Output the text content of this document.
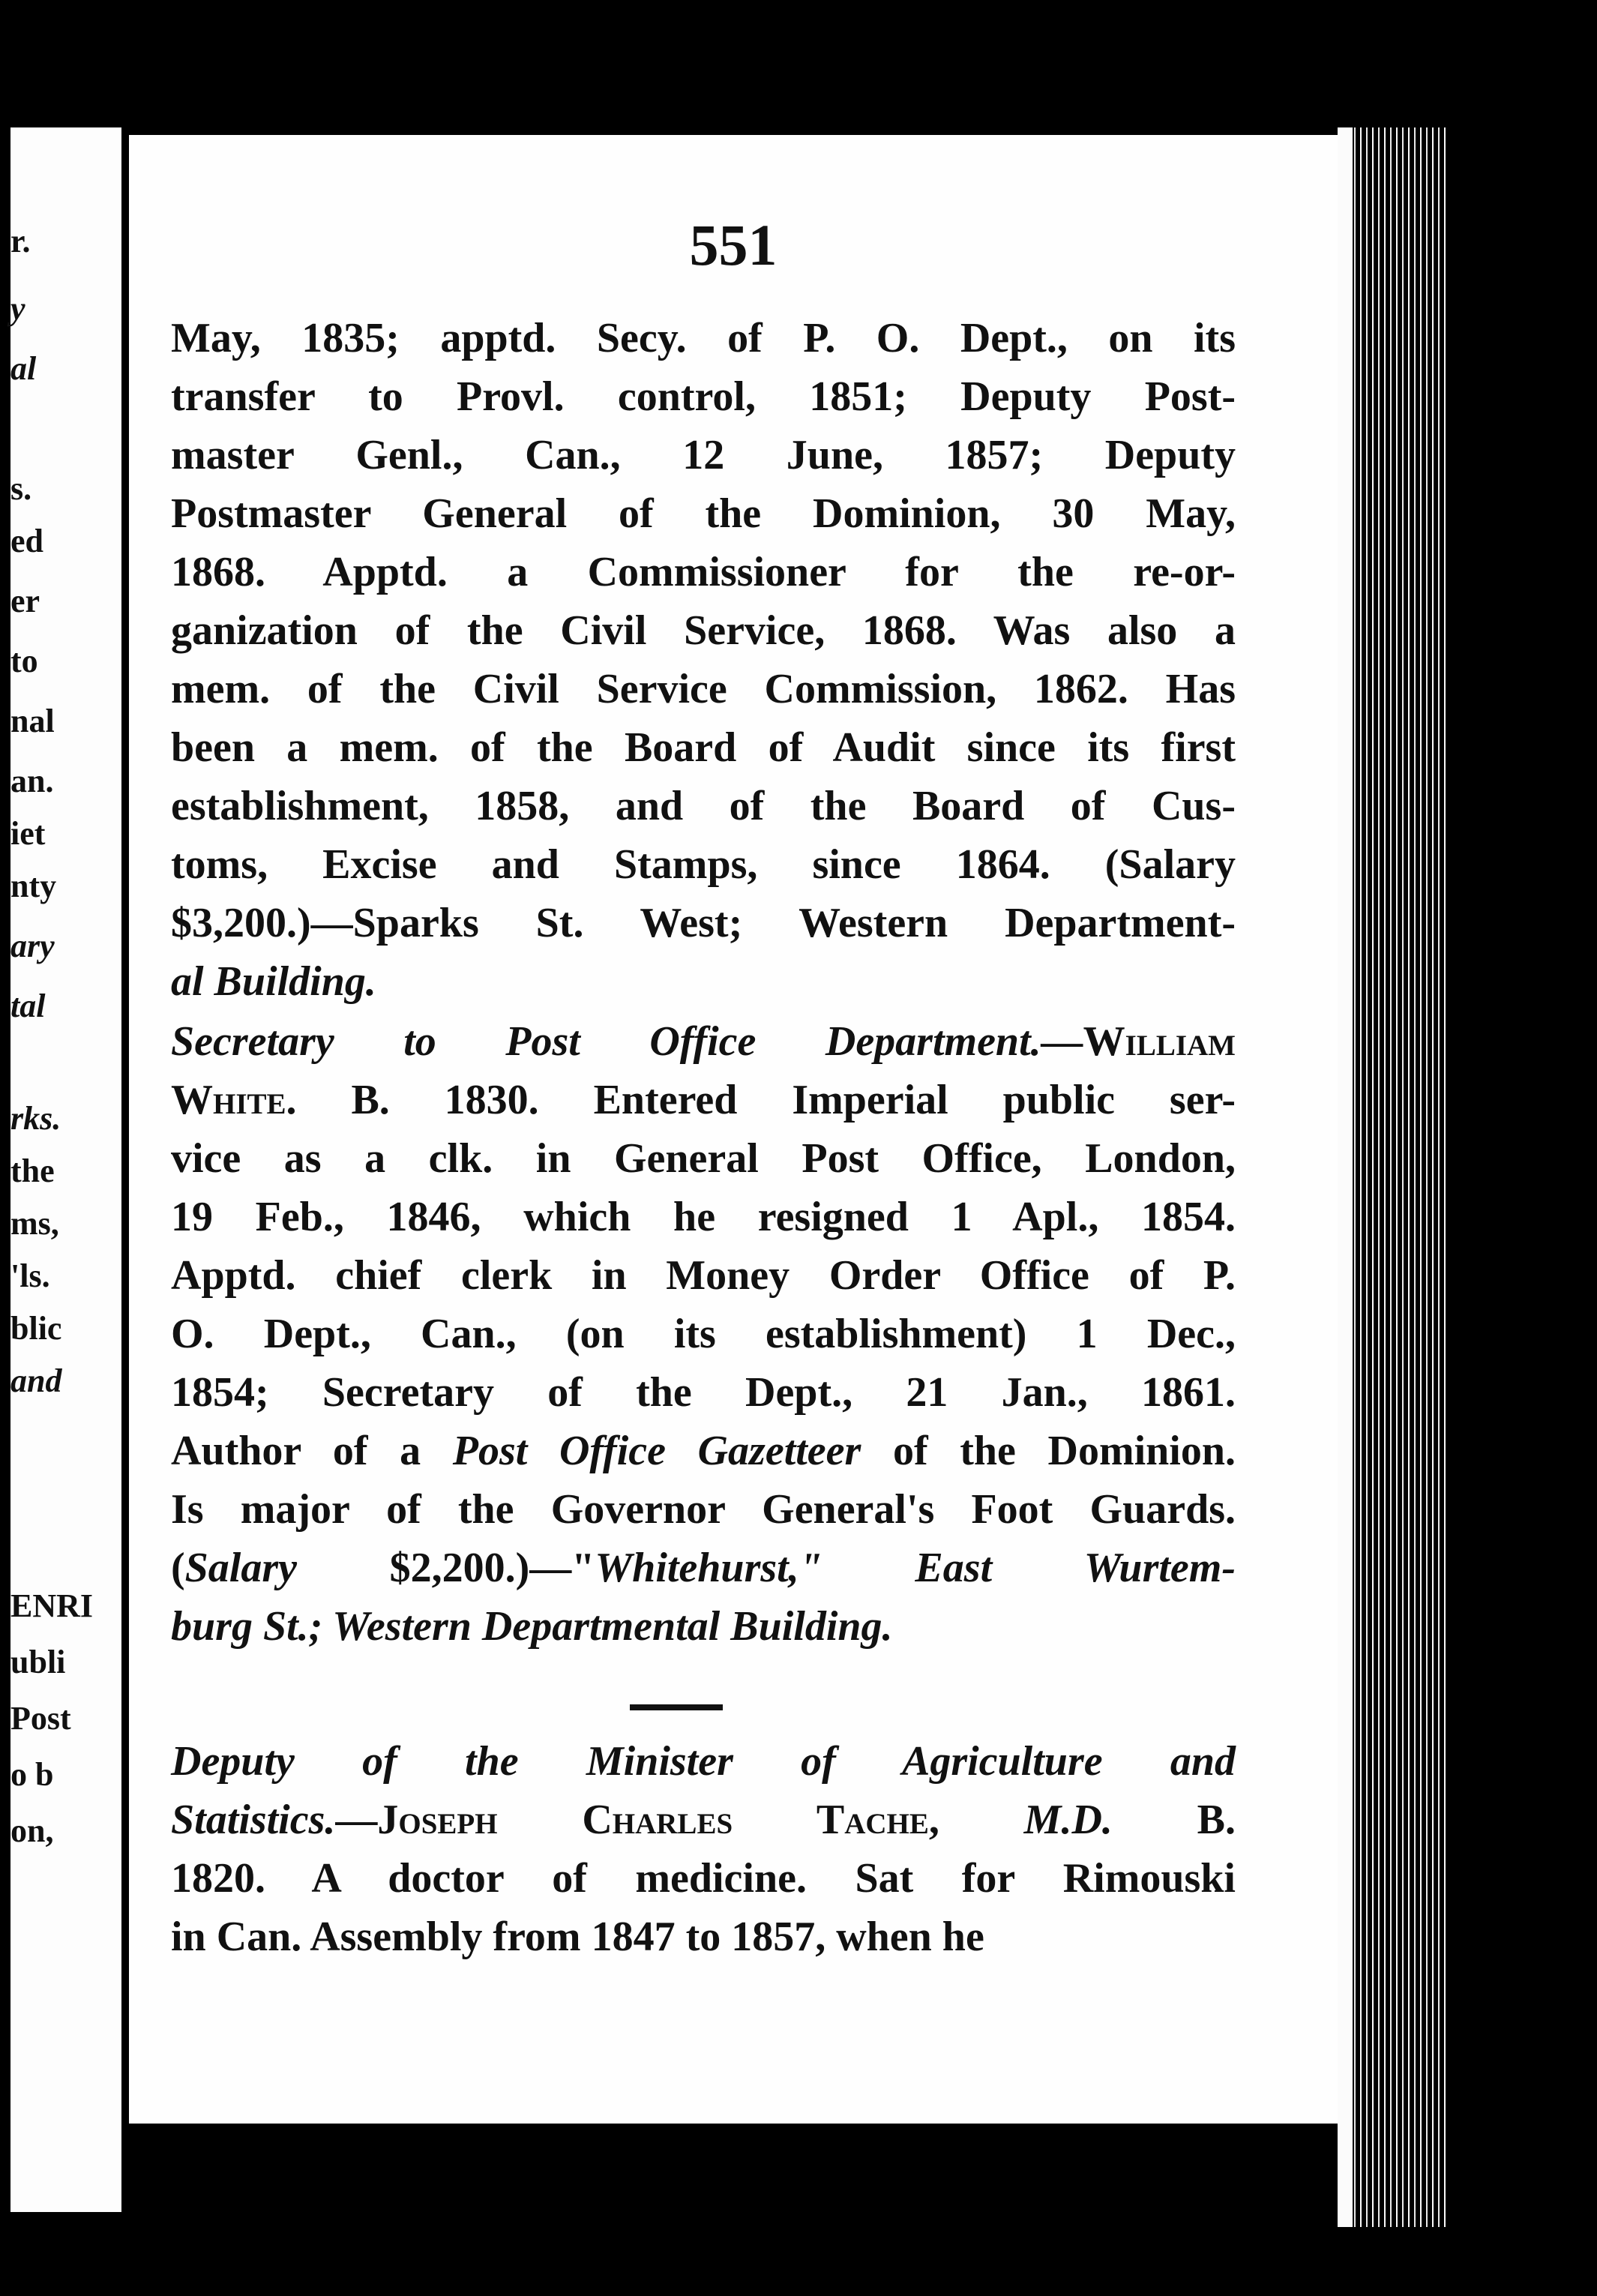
r.
y
al
s.
ed
er
to
nal
an.
iet
nty
ary
tal
rks.
the
ms,
'ls.
blic
and
ENRI
ubli
Post
o b
on,
551
May, 1835; apptd. Secy. of P. O. Dept., on its
transfer to Provl. control, 1851; Deputy Post-
master Genl., Can., 12 June, 1857; Deputy
Postmaster General of the Dominion, 30 May,
1868. Apptd. a Commissioner for the re-or-
ganization of the Civil Service, 1868. Was also a
mem. of the Civil Service Commission, 1862. Has
been a mem. of the Board of Audit since its first
establishment, 1858, and of the Board of Cus-
toms, Excise and Stamps, since 1864. (Salary
$3,200.)—Sparks St. West; Western Department-
al Building.
Secretary to Post Office Department.—William
White. B. 1830. Entered Imperial public ser-
vice as a clk. in General Post Office, London,
19 Feb., 1846, which he resigned 1 Apl., 1854.
Apptd. chief clerk in Money Order Office of P.
O. Dept., Can., (on its establishment) 1 Dec.,
1854; Secretary of the Dept., 21 Jan., 1861.
Author of a Post Office Gazetteer of the Dominion.
Is major of the Governor General's Foot Guards.
(Salary $2,200.)—"Whitehurst," East Wurtem-
burg St.; Western Departmental Building.
Deputy of the Minister of Agriculture and
Statistics.—Joseph Charles Tache, M.D. B.
1820. A doctor of medicine. Sat for Rimouski
in Can. Assembly from 1847 to 1857, when he
